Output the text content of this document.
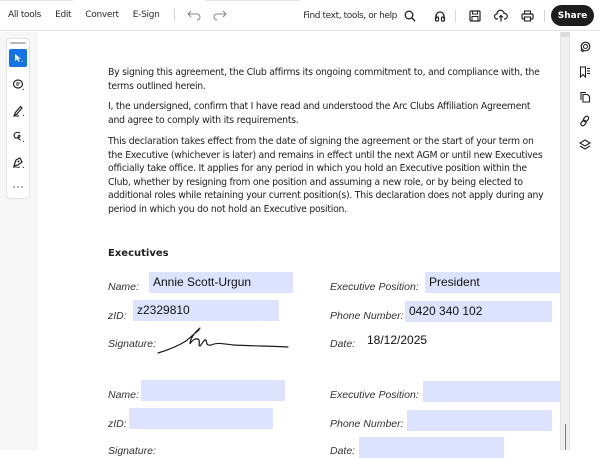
All tools Edit Convert E-Sign	Find text, tools, or help	Share

By signing this agreement, the Club affirms its ongoing commitment to, and compliance with, the terms outlined herein.

I, the undersigned, confirm that I have read and understood the Arc Clubs Affiliation Agreement and agree to comply with its requirements.

This declaration takes effect from the date of signing the agreement or the start of your term on the Executive (whichever is later) and remains in effect until the next AGM or until new Executives officially take office. It applies for any period in which you hold an Executive position within the Club, whether by resigning from one position and assuming a new role, or by being elected to additional roles while retaining your current position(s). This declaration does not apply during any period in which you do not hold an Executive position.

Executives
Name:	Annie Scott-Urgun	Executive Position: President
zID: z2329810	Phone Number: 0420 340 102
Signature:	Date: 18/12/2025
Name:	Executive Position:
zID:	Phone Number:
Signature:	Date:
